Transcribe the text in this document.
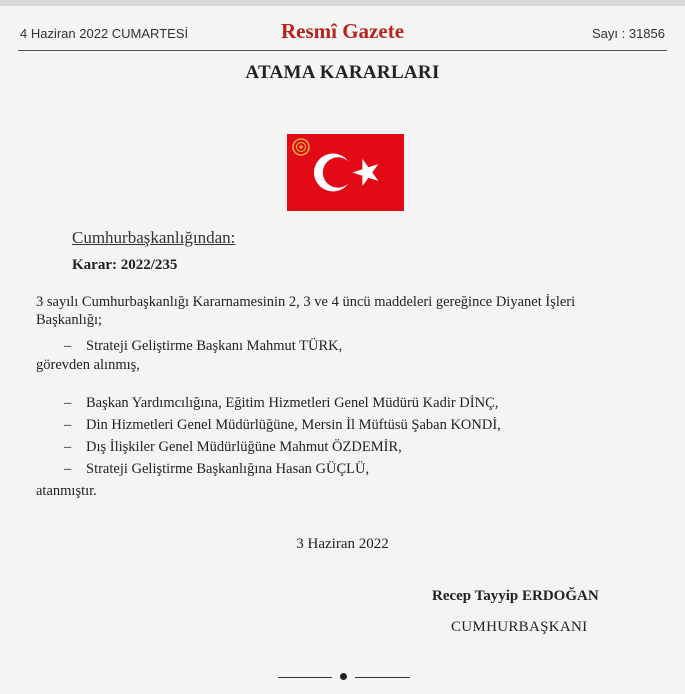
4 Haziran 2022 CUMARTESİ	Resmî Gazete	Sayı : 31856
ATAMA KARARLARI
Cumhurbaşkanlığından:
Karar: 2022/235
3 sayılı Cumhurbaşkanlığı Kararnamesinin 2, 3 ve 4 üncü maddeleri gereğince Diyanet İşleri
Başkanlığı;
– Strateji Geliştirme Başkanı Mahmut TÜRK,
görevden alınmış,
– Başkan Yardımcılığına, Eğitim Hizmetleri Genel Müdürü Kadir DİNÇ,
– Din Hizmetleri Genel Müdürlüğüne, Mersin İl Müftüsü Şaban KONDİ,
– Dış İlişkiler Genel Müdürlüğüne Mahmut ÖZDEMİR,
– Strateji Geliştirme Başkanlığına Hasan GÜÇLÜ,
atanmıştır.
3 Haziran 2022
Recep Tayyip ERDOĞAN
CUMHURBAŞKANI
